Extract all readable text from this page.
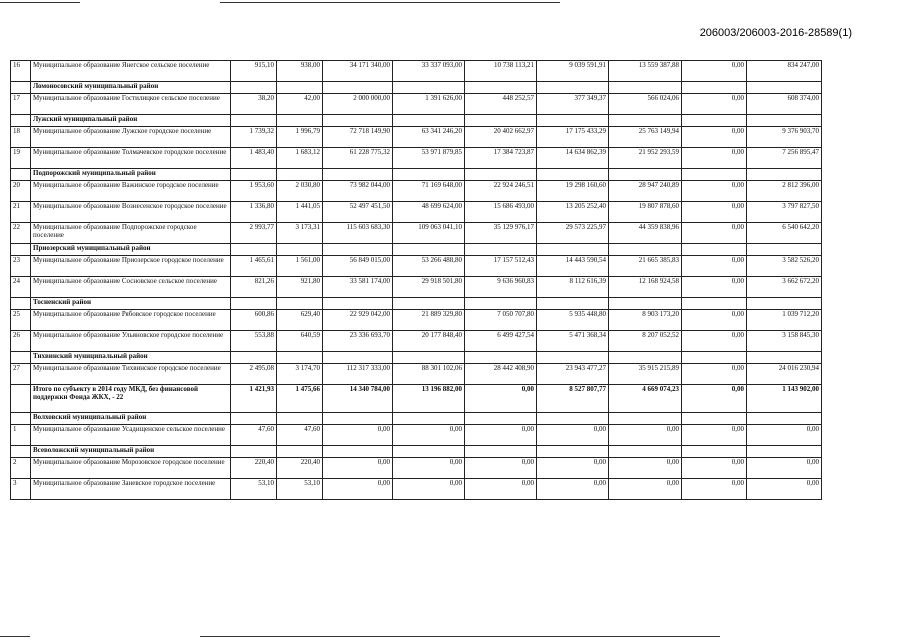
206003/206003-2016-28589(1)
16	Муниципальное образование Янегское сельское поселение	915,10	938,00	34 171 340,00	33 337 093,00	10 738 113,21	9 039 591,91	13 559 387,88	0,00	834 247,00
	Ломоносовский муниципальный район									
17	Муниципальное образование Гостилицкое сельское поселение	38,20	42,00	2 000 000,00	1 391 626,00	448 252,57	377 349,37	566 024,06	0,00	608 374,00
	Лужский муниципальный район									
18	Муниципальное образование Лужское городское поселение	1 739,32	1 996,79	72 718 149,90	63 341 246,20	20 402 662,97	17 175 433,29	25 763 149,94	0,00	9 376 903,70
19	Муниципальное образование Толмачевское городское поселение	1 483,40	1 683,12	61 228 775,32	53 971 879,85	17 384 723,87	14 634 862,39	21 952 293,59	0,00	7 256 895,47
	Подпорожский муниципальный район									
20	Муниципальное образование Важинское городское поселение	1 953,60	2 030,80	73 982 044,00	71 169 648,00	22 924 246,51	19 298 160,60	28 947 240,89	0,00	2 812 396,00
21	Муниципальное образование Вознесенское городское поселение	1 336,80	1 441,05	52 497 451,50	48 699 624,00	15 686 493,00	13 205 252,40	19 807 878,60	0,00	3 797 827,50
22	Муниципальное образование Подпорожское городское поселение	2 993,77	3 173,31	115 603 683,30	109 063 041,10	35 129 976,17	29 573 225,97	44 359 838,96	0,00	6 540 642,20
	Приозерский муниципальный район									
23	Муниципальное образование Приозерское городское поселение	1 465,61	1 561,00	56 849 015,00	53 266 488,80	17 157 512,43	14 443 590,54	21 665 385,83	0,00	3 582 526,20
24	Муниципальное образование Сосновское сельское поселение	821,26	921,80	33 581 174,00	29 918 501,80	9 636 960,83	8 112 616,39	12 168 924,58	0,00	3 662 672,20
	Тосненский район									
25	Муниципальное образование Рябовское городское поселение	600,86	629,40	22 929 042,00	21 889 329,80	7 050 707,80	5 935 448,80	8 903 173,20	0,00	1 039 712,20
26	Муниципальное образование Ульяновское городское поселение	553,88	640,59	23 336 693,70	20 177 848,40	6 499 427,54	5 471 368,34	8 207 052,52	0,00	3 158 845,30
	Тихвинский муниципальный район									
27	Муниципальное образование Тихвинское городское поселение	2 495,08	3 174,70	112 317 333,00	88 301 102,06	28 442 408,90	23 943 477,27	35 915 215,89	0,00	24 016 230,94
	Итого по субъекту в 2014 году МКД, без финансовой поддержки Фонда ЖКХ, - 22	1 421,93	1 475,66	14 340 784,00	13 196 882,00	0,00	8 527 807,77	4 669 074,23	0,00	1 143 902,00
	Волховский муниципальный район									
1	Муниципальное образование Усадищенское сельское поселение	47,60	47,60	0,00	0,00	0,00	0,00	0,00	0,00	0,00
	Всеволожский муниципальный район									
2	Муниципальное образование Морозовское городское поселение	220,40	220,40	0,00	0,00	0,00	0,00	0,00	0,00	0,00
3	Муниципальное образование Заневское городское поселение	53,10	53,10	0,00	0,00	0,00	0,00	0,00	0,00	0,00
